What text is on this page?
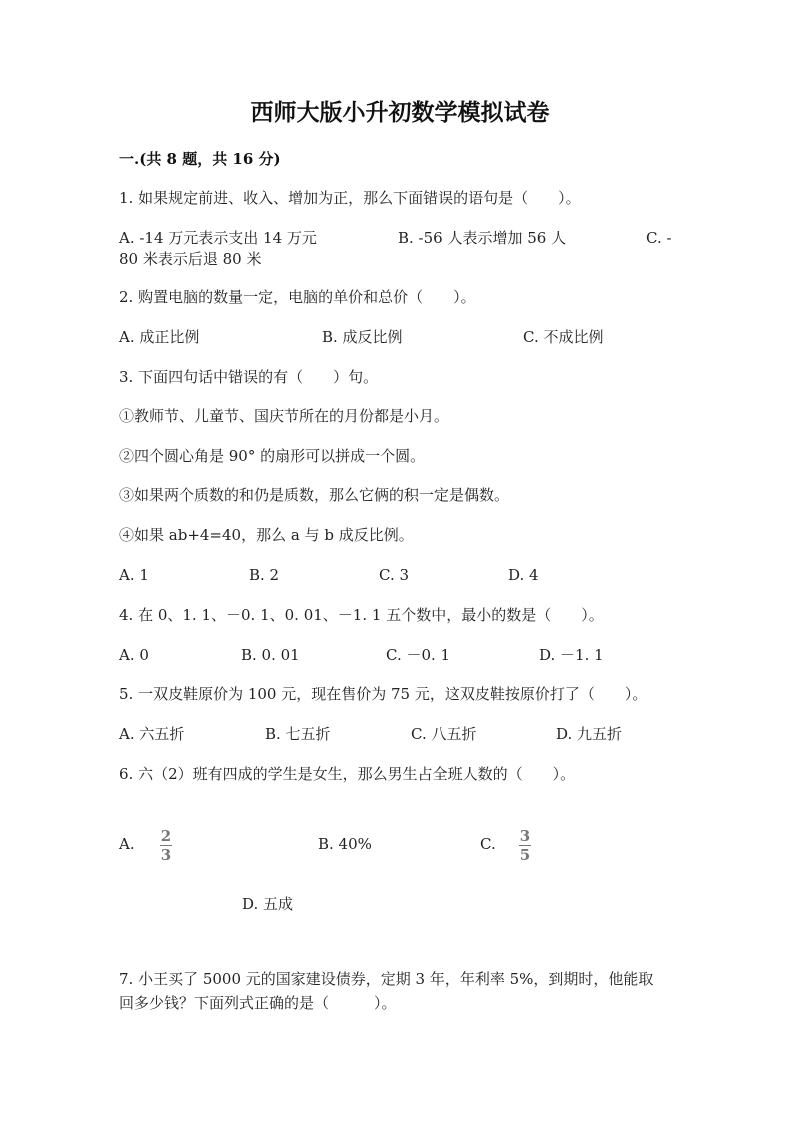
西师大版小升初数学模拟试卷
一.(共 8 题，共 16 分)
1. 如果规定前进、收入、增加为正，那么下面错误的语句是（　　）。
A. -14 万元表示支出 14 万元	B. -56 人表示增加 56 人	C. -
80 米表示后退 80 米
2. 购置电脑的数量一定，电脑的单价和总价（　　）。
A. 成正比例	B. 成反比例	C. 不成比例
3. 下面四句话中错误的有（　　）句。
①教师节、儿童节、国庆节所在的月份都是小月。
②四个圆心角是 90° 的扇形可以拼成一个圆。
③如果两个质数的和仍是质数，那么它俩的积一定是偶数。
④如果 ab+4=40，那么 a 与 b 成反比例。
A. 1	B. 2	C. 3	D. 4
4. 在 0、1. 1、－0. 1、0. 01、－1. 1 五个数中，最小的数是（　　）。
A. 0	B. 0. 01	C. －0. 1	D. －1. 1
5. 一双皮鞋原价为 100 元，现在售价为 75 元，这双皮鞋按原价打了（　　）。
A. 六五折	B. 七五折	C. 八五折	D. 九五折
6. 六（2）班有四成的学生是女生，那么男生占全班人数的（　　）。
A. 2
3
B. 40%	C. 3
5
D. 五成
7. 小王买了 5000 元的国家建设债券，定期 3 年，年利率 5%，到期时，他能取
回多少钱？下面列式正确的是（　　　）。
